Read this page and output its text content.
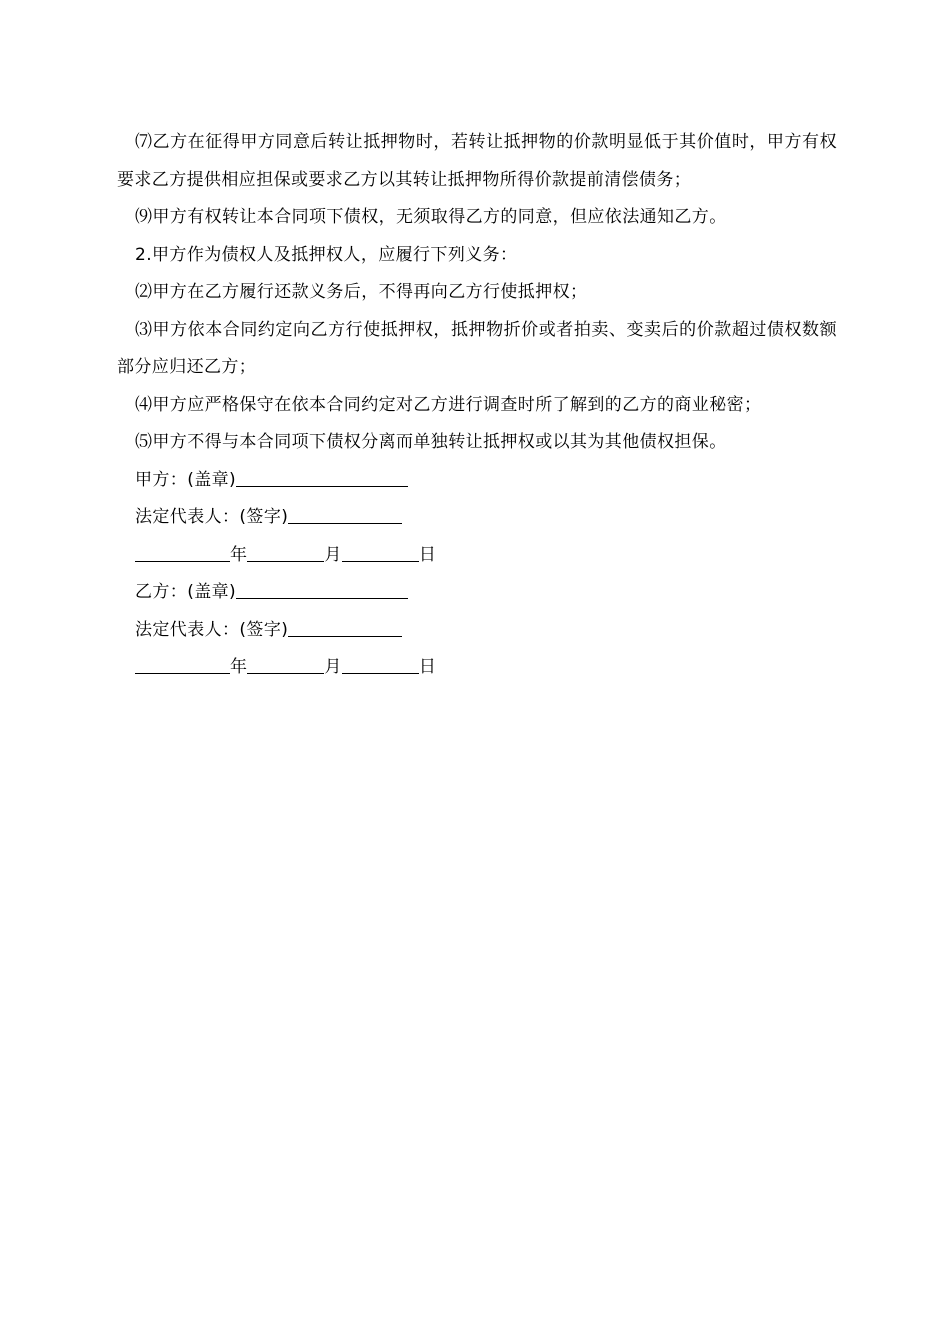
⑺乙方在征得甲方同意后转让抵押物时，若转让抵押物的价款明显低于其价值时，甲方有权要求乙方提供相应担保或要求乙方以其转让抵押物所得价款提前清偿债务；

⑼甲方有权转让本合同项下债权，无须取得乙方的同意，但应依法通知乙方。

2.甲方作为债权人及抵押权人，应履行下列义务：

⑵甲方在乙方履行还款义务后，不得再向乙方行使抵押权；

⑶甲方依本合同约定向乙方行使抵押权，抵押物折价或者拍卖、变卖后的价款超过债权数额部分应归还乙方；

⑷甲方应严格保守在依本合同约定对乙方进行调查时所了解到的乙方的商业秘密；

⑸甲方不得与本合同项下债权分离而单独转让抵押权或以其为其他债权担保。

甲方：(盖章)
法定代表人：(签字)
年	月	日
乙方：(盖章)
法定代表人：(签字)
年	月	日
